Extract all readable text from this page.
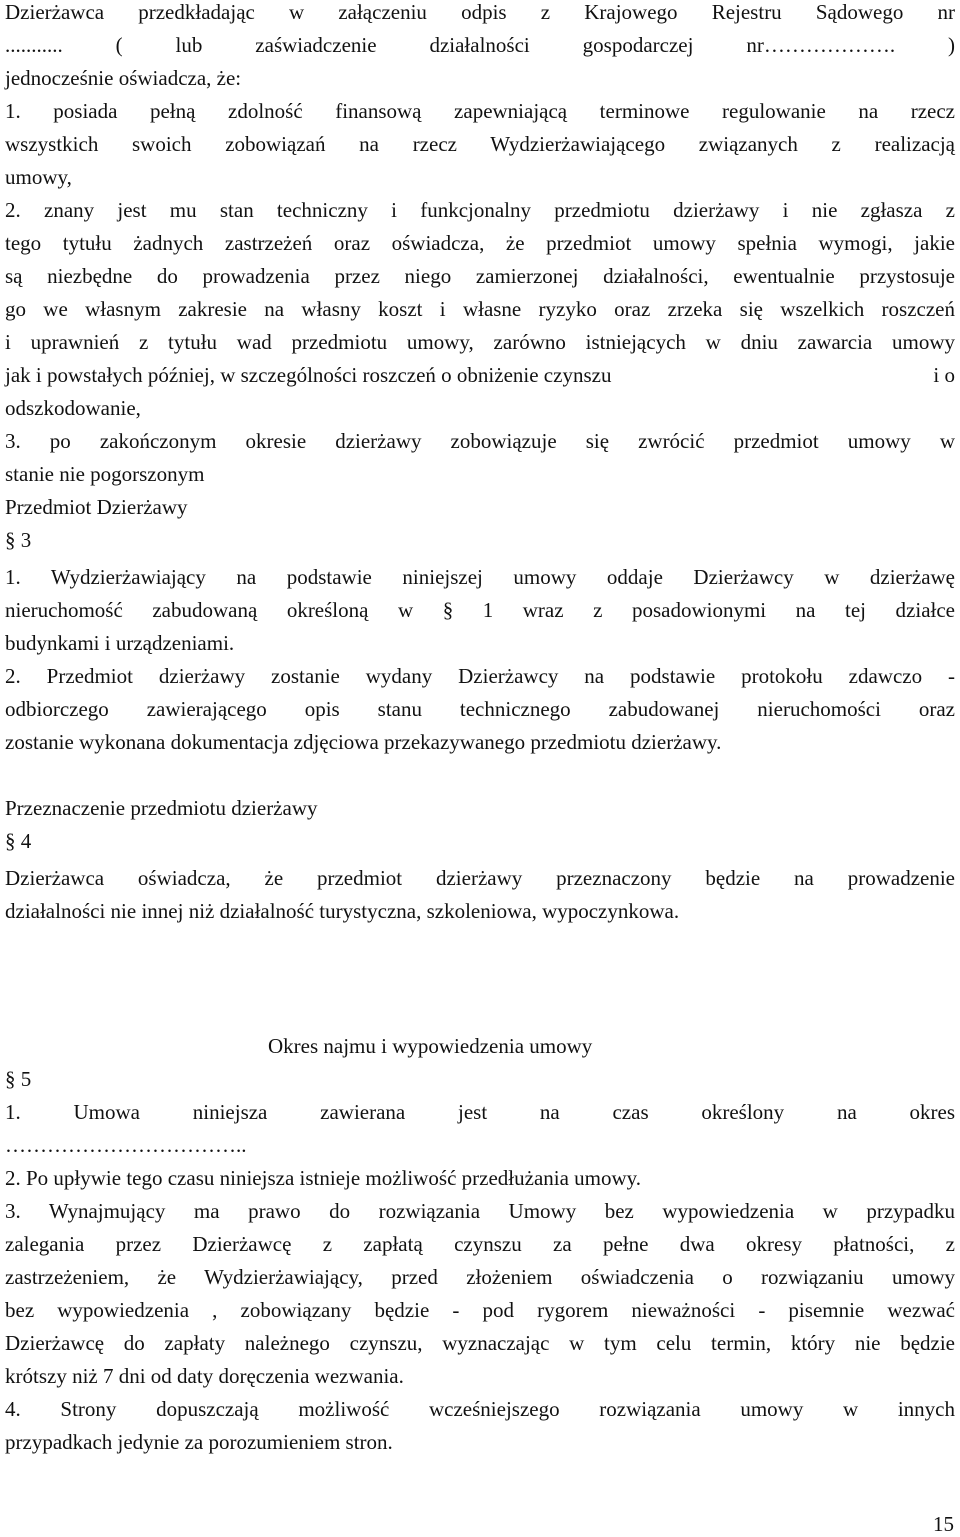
Dzierżawca przedkładając w załączeniu odpis z Krajowego Rejestru Sądowego nr
........... ( lub zaświadczenie działalności gospodarczej nr………………. )
jednocześnie oświadcza, że:
1. posiada pełną zdolność finansową zapewniającą terminowe regulowanie na rzecz
wszystkich swoich zobowiązań na rzecz Wydzierżawiającego związanych z realizacją
umowy,
2. znany jest mu stan techniczny i funkcjonalny przedmiotu dzierżawy i nie zgłasza z
tego tytułu żadnych zastrzeżeń oraz oświadcza, że przedmiot umowy spełnia wymogi, jakie
są niezbędne do prowadzenia przez niego zamierzonej działalności, ewentualnie przystosuje
go we własnym zakresie na własny koszt i własne ryzyko oraz zrzeka się wszelkich roszczeń
i uprawnień z tytułu wad przedmiotu umowy, zarówno istniejących w dniu zawarcia umowy
jak i powstałych później, w szczególności roszczeń o obniżenie czynszu	i o
odszkodowanie,
3. po zakończonym okresie dzierżawy zobowiązuje się zwrócić przedmiot umowy w
stanie nie pogorszonym
Przedmiot Dzierżawy
§ 3
1. Wydzierżawiający na podstawie niniejszej umowy oddaje Dzierżawcy w dzierżawę
nieruchomość zabudowaną określoną w § 1 wraz z posadowionymi na tej działce
budynkami i urządzeniami.
2. Przedmiot dzierżawy zostanie wydany Dzierżawcy na podstawie protokołu zdawczo -
odbiorczego zawierającego opis stanu technicznego zabudowanej nieruchomości oraz
zostanie wykonana dokumentacja zdjęciowa przekazywanego przedmiotu dzierżawy.
Przeznaczenie przedmiotu dzierżawy
§ 4
Dzierżawca oświadcza, że przedmiot dzierżawy przeznaczony będzie na prowadzenie
działalności nie innej niż działalność turystyczna, szkoleniowa, wypoczynkowa.
Okres najmu i wypowiedzenia umowy
§ 5
1. Umowa niniejsza zawierana jest na czas określony na okres
……………………………..
2. Po upływie tego czasu niniejsza istnieje możliwość przedłużania umowy.
3. Wynajmujący ma prawo do rozwiązania Umowy bez wypowiedzenia w przypadku
zalegania przez Dzierżawcę z zapłatą czynszu za pełne dwa okresy płatności, z
zastrzeżeniem, że Wydzierżawiający, przed złożeniem oświadczenia o rozwiązaniu umowy
bez wypowiedzenia , zobowiązany będzie - pod rygorem nieważności - pisemnie wezwać
Dzierżawcę do zapłaty należnego czynszu, wyznaczając w tym celu termin, który nie będzie
krótszy niż 7 dni od daty doręczenia wezwania.
4. Strony dopuszczają możliwość wcześniejszego rozwiązania umowy w innych
przypadkach jedynie za porozumieniem stron.
15
